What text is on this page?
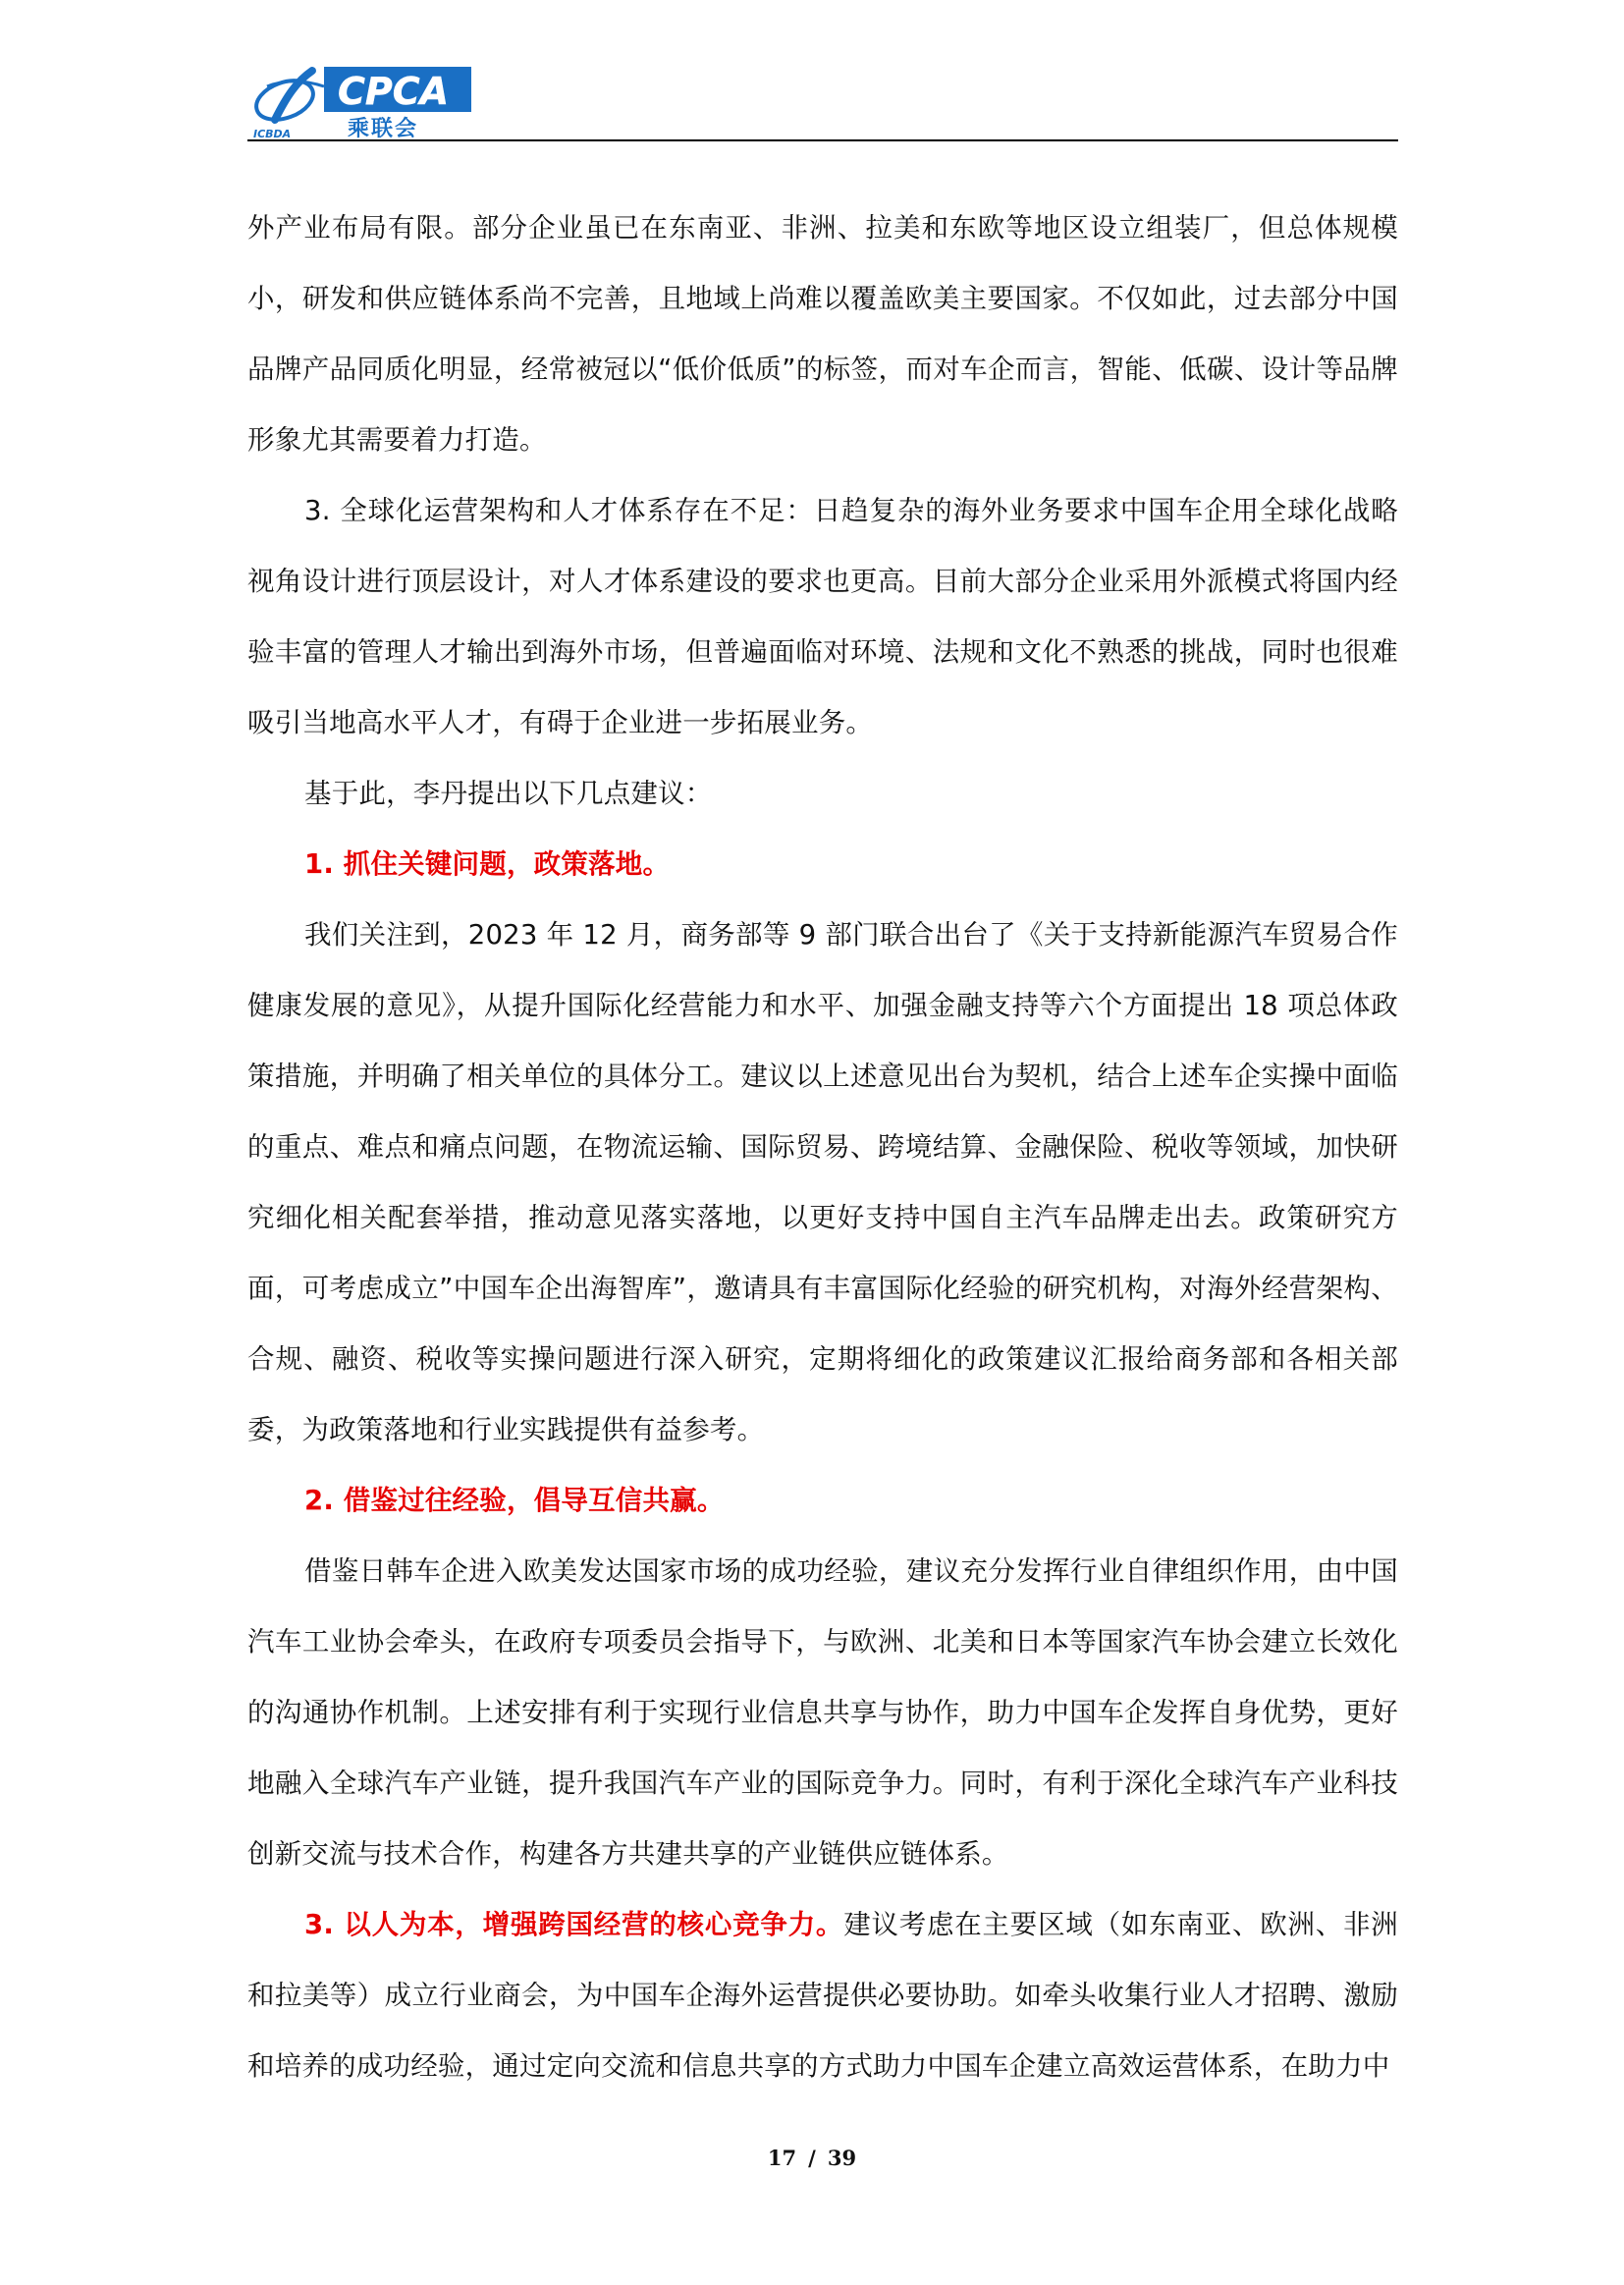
ICBDA
CPCA
乘联会

外产业布局有限。部分企业虽已在东南亚、非洲、拉美和东欧等地区设立组装厂，但总体规模小，研发和供应链体系尚不完善，且地域上尚难以覆盖欧美主要国家。不仅如此，过去部分中国品牌产品同质化明显，经常被冠以“低价低质”的标签，而对车企而言，智能、低碳、设计等品牌形象尤其需要着力打造。

3. 全球化运营架构和人才体系存在不足：日趋复杂的海外业务要求中国车企用全球化战略视角设计进行顶层设计，对人才体系建设的要求也更高。目前大部分企业采用外派模式将国内经验丰富的管理人才输出到海外市场，但普遍面临对环境、法规和文化不熟悉的挑战，同时也很难吸引当地高水平人才，有碍于企业进一步拓展业务。

基于此，李丹提出以下几点建议：

1. 抓住关键问题，政策落地。

我们关注到，2023 年 12 月，商务部等 9 部门联合出台了《关于支持新能源汽车贸易合作健康发展的意见》，从提升国际化经营能力和水平、加强金融支持等六个方面提出 18 项总体政策措施，并明确了相关单位的具体分工。建议以上述意见出台为契机，结合上述车企实操中面临的重点、难点和痛点问题，在物流运输、国际贸易、跨境结算、金融保险、税收等领域，加快研究细化相关配套举措，推动意见落实落地，以更好支持中国自主汽车品牌走出去。政策研究方面，可考虑成立”中国车企出海智库”，邀请具有丰富国际化经验的研究机构，对海外经营架构、合规、融资、税收等实操问题进行深入研究，定期将细化的政策建议汇报给商务部和各相关部委，为政策落地和行业实践提供有益参考。

2. 借鉴过往经验，倡导互信共赢。

借鉴日韩车企进入欧美发达国家市场的成功经验，建议充分发挥行业自律组织作用，由中国汽车工业协会牵头，在政府专项委员会指导下，与欧洲、北美和日本等国家汽车协会建立长效化的沟通协作机制。上述安排有利于实现行业信息共享与协作，助力中国车企发挥自身优势，更好地融入全球汽车产业链，提升我国汽车产业的国际竞争力。同时，有利于深化全球汽车产业科技创新交流与技术合作，构建各方共建共享的产业链供应链体系。

3. 以人为本，增强跨国经营的核心竞争力。建议考虑在主要区域（如东南亚、欧洲、非洲和拉美等）成立行业商会，为中国车企海外运营提供必要协助。如牵头收集行业人才招聘、激励和培养的成功经验，通过定向交流和信息共享的方式助力中国车企建立高效运营体系，在助力中

17 / 39
